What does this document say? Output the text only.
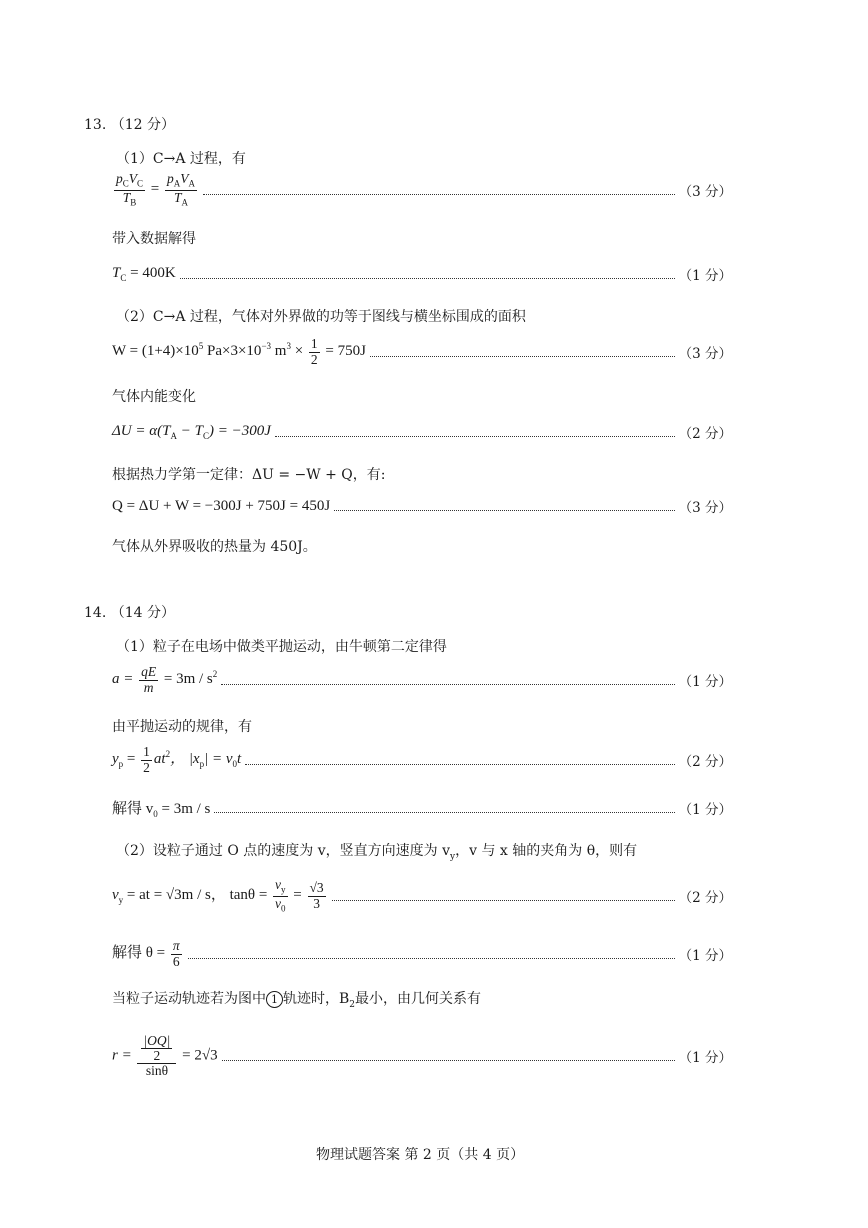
13. （12 分）
（1）C→A 过程，有
$\frac{p_CV_C}{T_B} = \frac{p_AV_A}{T_A}$	（3 分）
带入数据解得
$T_C = 400K$	（1 分）
（2）C→A 过程，气体对外界做的功等于图线与横坐标围成的面积
$W = (1+4)\times 10^5$ $Pa\times 3\times 10^{-3}$ $m^3 \times \frac{1}{2} = 750J$	（3 分）
气体内能变化
$\Delta U = \alpha(T_A - T_C) = -300J$	（2 分）
根据热力学第一定律：ΔU = −W + Q，有:
Q = ΔU + W = −300J + 750J = 450J	（3 分）
气体从外界吸收的热量为 450J。
14. （14 分）
（1）粒子在电场中做类平抛运动，由牛顿第二定律得
$a = \frac{qE}{m} = 3m / s^2$	（1 分）
由平抛运动的规律，有
$y_p = \frac{1}{2} at^2$， $|x_p| = v_0t$	（2 分）
解得 $v_0 = 3m / s$	（1 分）
（2）设粒子通过 O 点的速度为 v，竖直方向速度为 $v_y$，v 与 x 轴的夹角为 θ，则有
$v_y$ = at = √3m / s， $\tan\theta = \frac{v_y}{v_0} = \frac{√3}{3}$	（2 分）
解得 $\theta = \frac{\pi}{6}$	（1 分）
当粒子运动轨迹若为图中 1 轨迹时，$B_2$最小，由几何关系有
$r = \frac{\frac{|OQ|}{2}}{\sin\theta} = 2√3$	（1 分）
物理试题答案 第 2 页（共 4 页）
